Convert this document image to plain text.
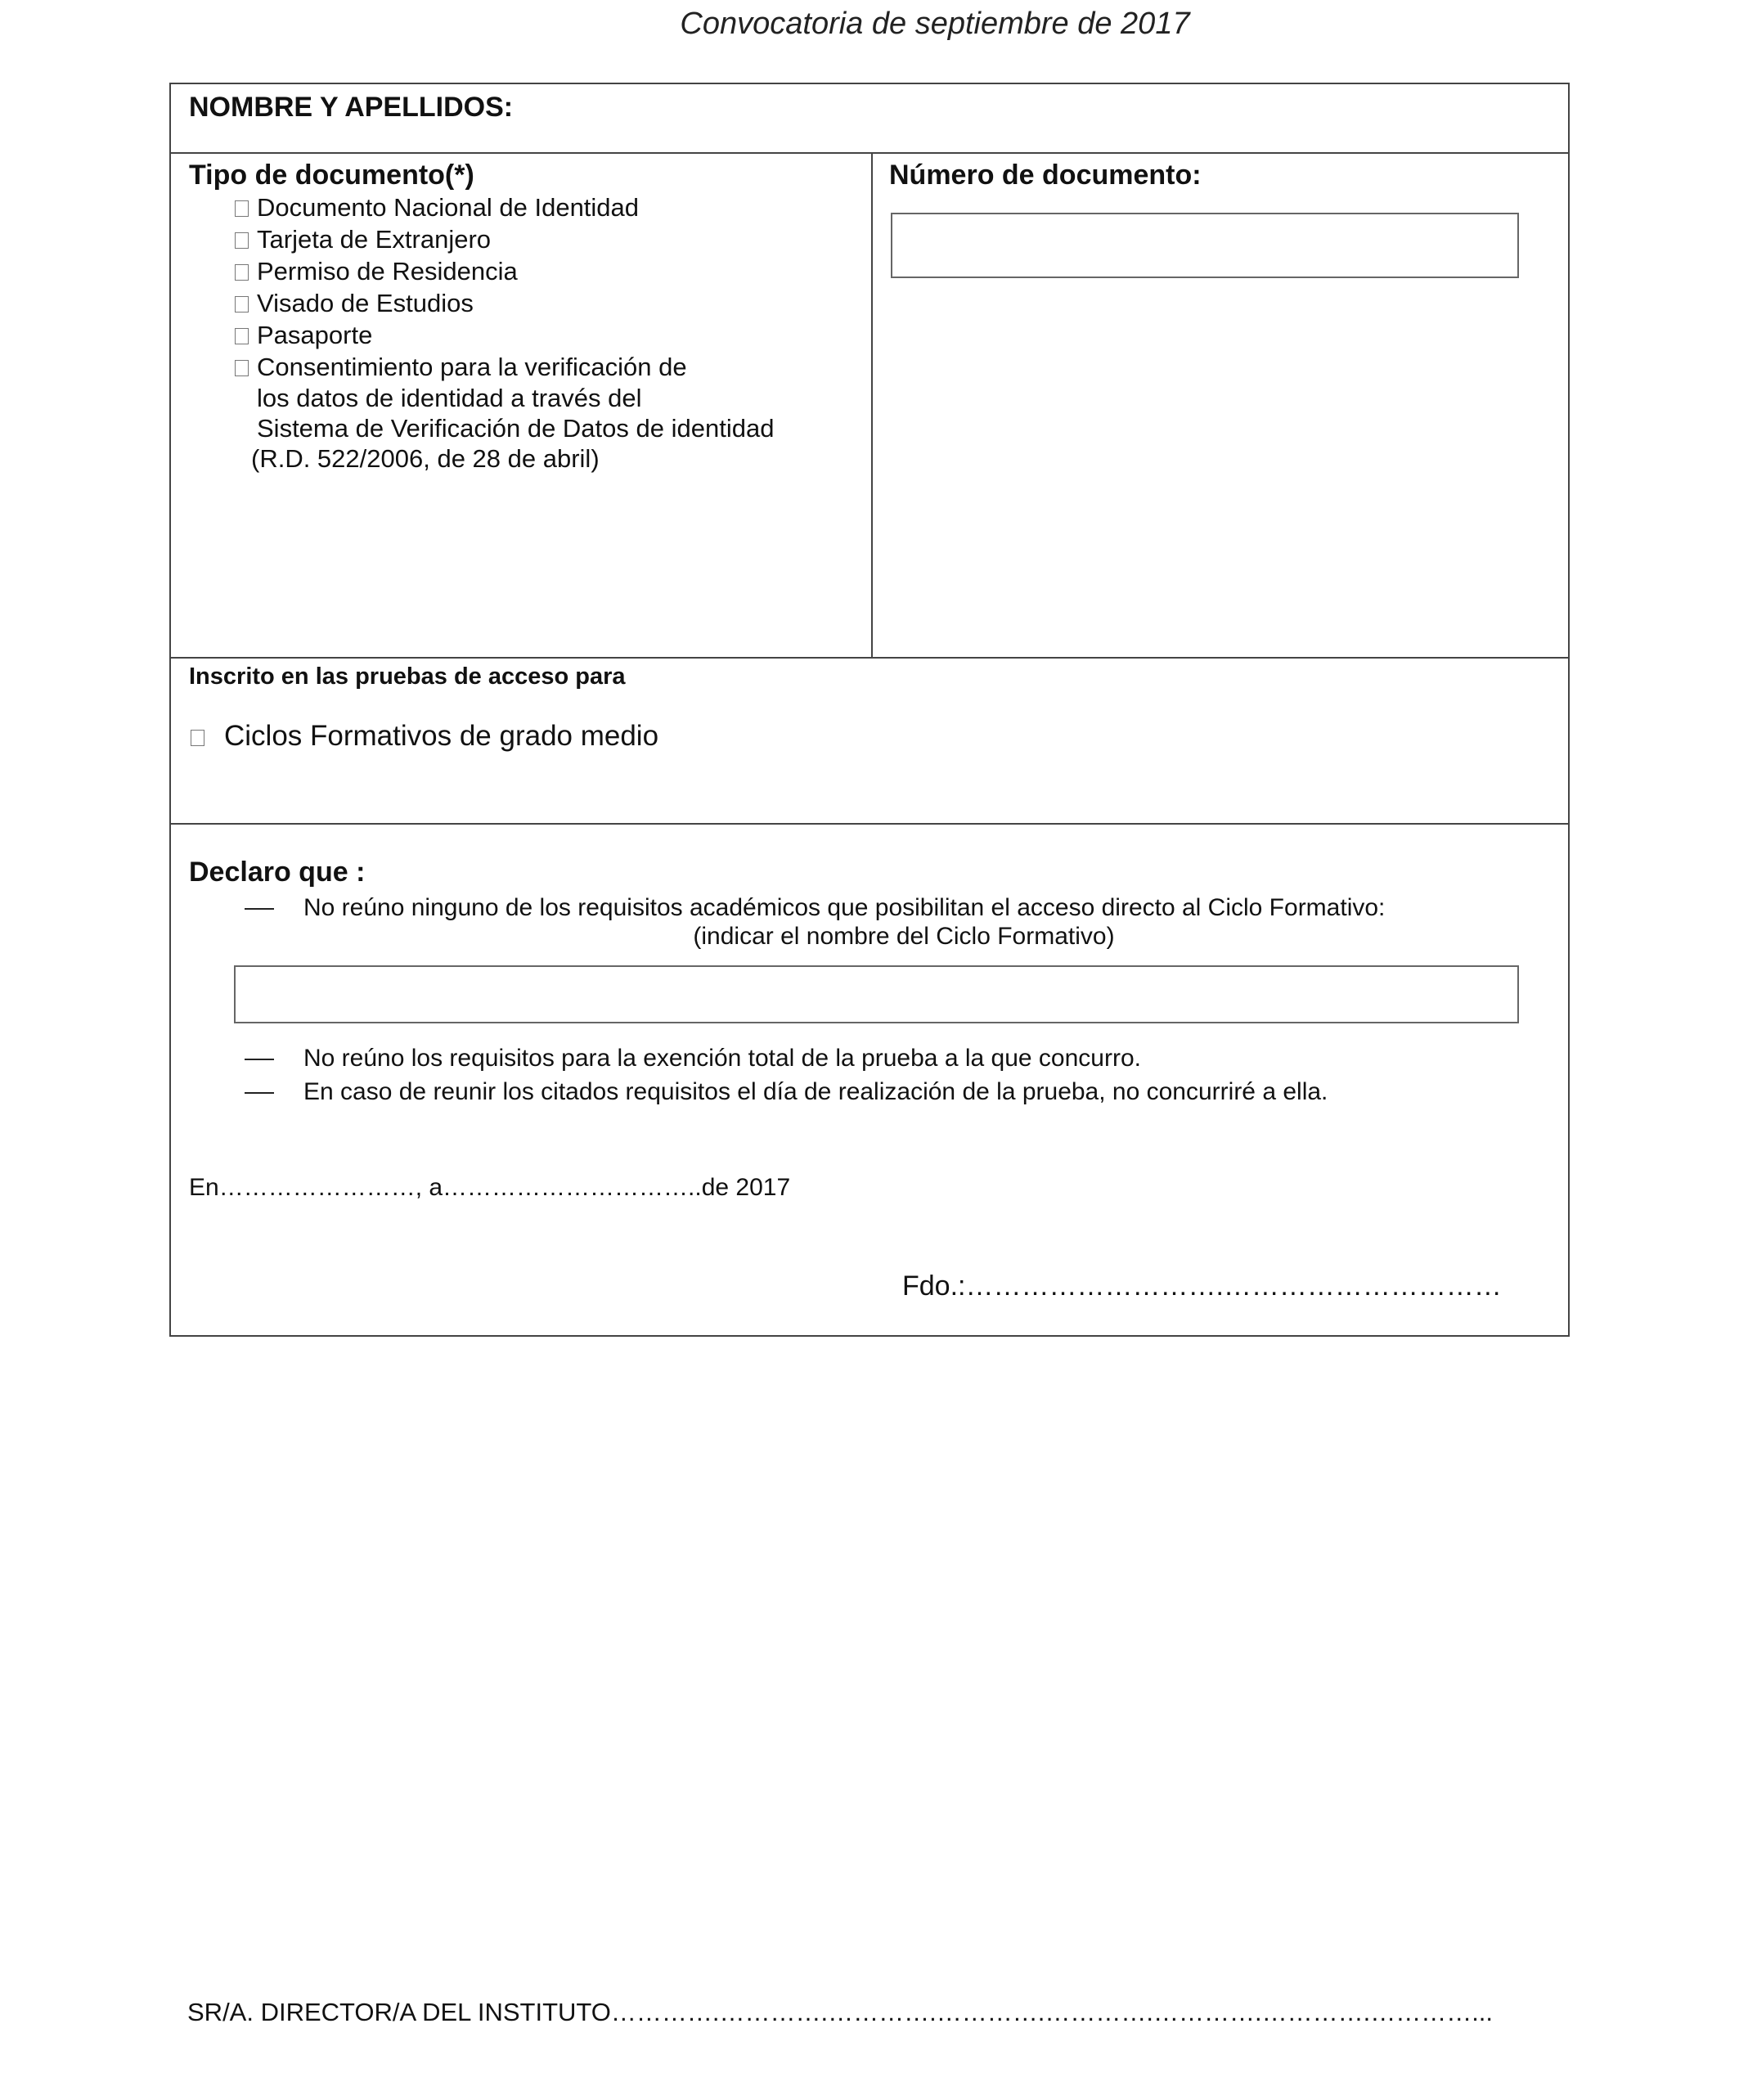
Convocatoria de septiembre de 2017
NOMBRE Y APELLIDOS:
Tipo de documento(*)	Número de documento:
Documento Nacional de Identidad
Tarjeta de Extranjero
Permiso de Residencia
Visado de Estudios
Pasaporte
Consentimiento para la verificación de
los datos de identidad a través del
Sistema de Verificación de Datos de identidad
(R.D. 522/2006, de 28 de abril)
Inscrito en las pruebas de acceso para
Ciclos Formativos de grado medio
Declaro que :
No reúno ninguno de los requisitos académicos que posibilitan el acceso directo al Ciclo Formativo:
(indicar el nombre del Ciclo Formativo)
No reúno los requisitos para la exención total de la prueba a la que concurro.
En caso de reunir los citados requisitos el día de realización de la prueba, no concurriré a ella.
En……………………, a…………………………..de 2017
Fdo.:……………………….…………………………
SR/A. DIRECTOR/A DEL INSTITUTO………….………….………….………….………….………….………….…………...
